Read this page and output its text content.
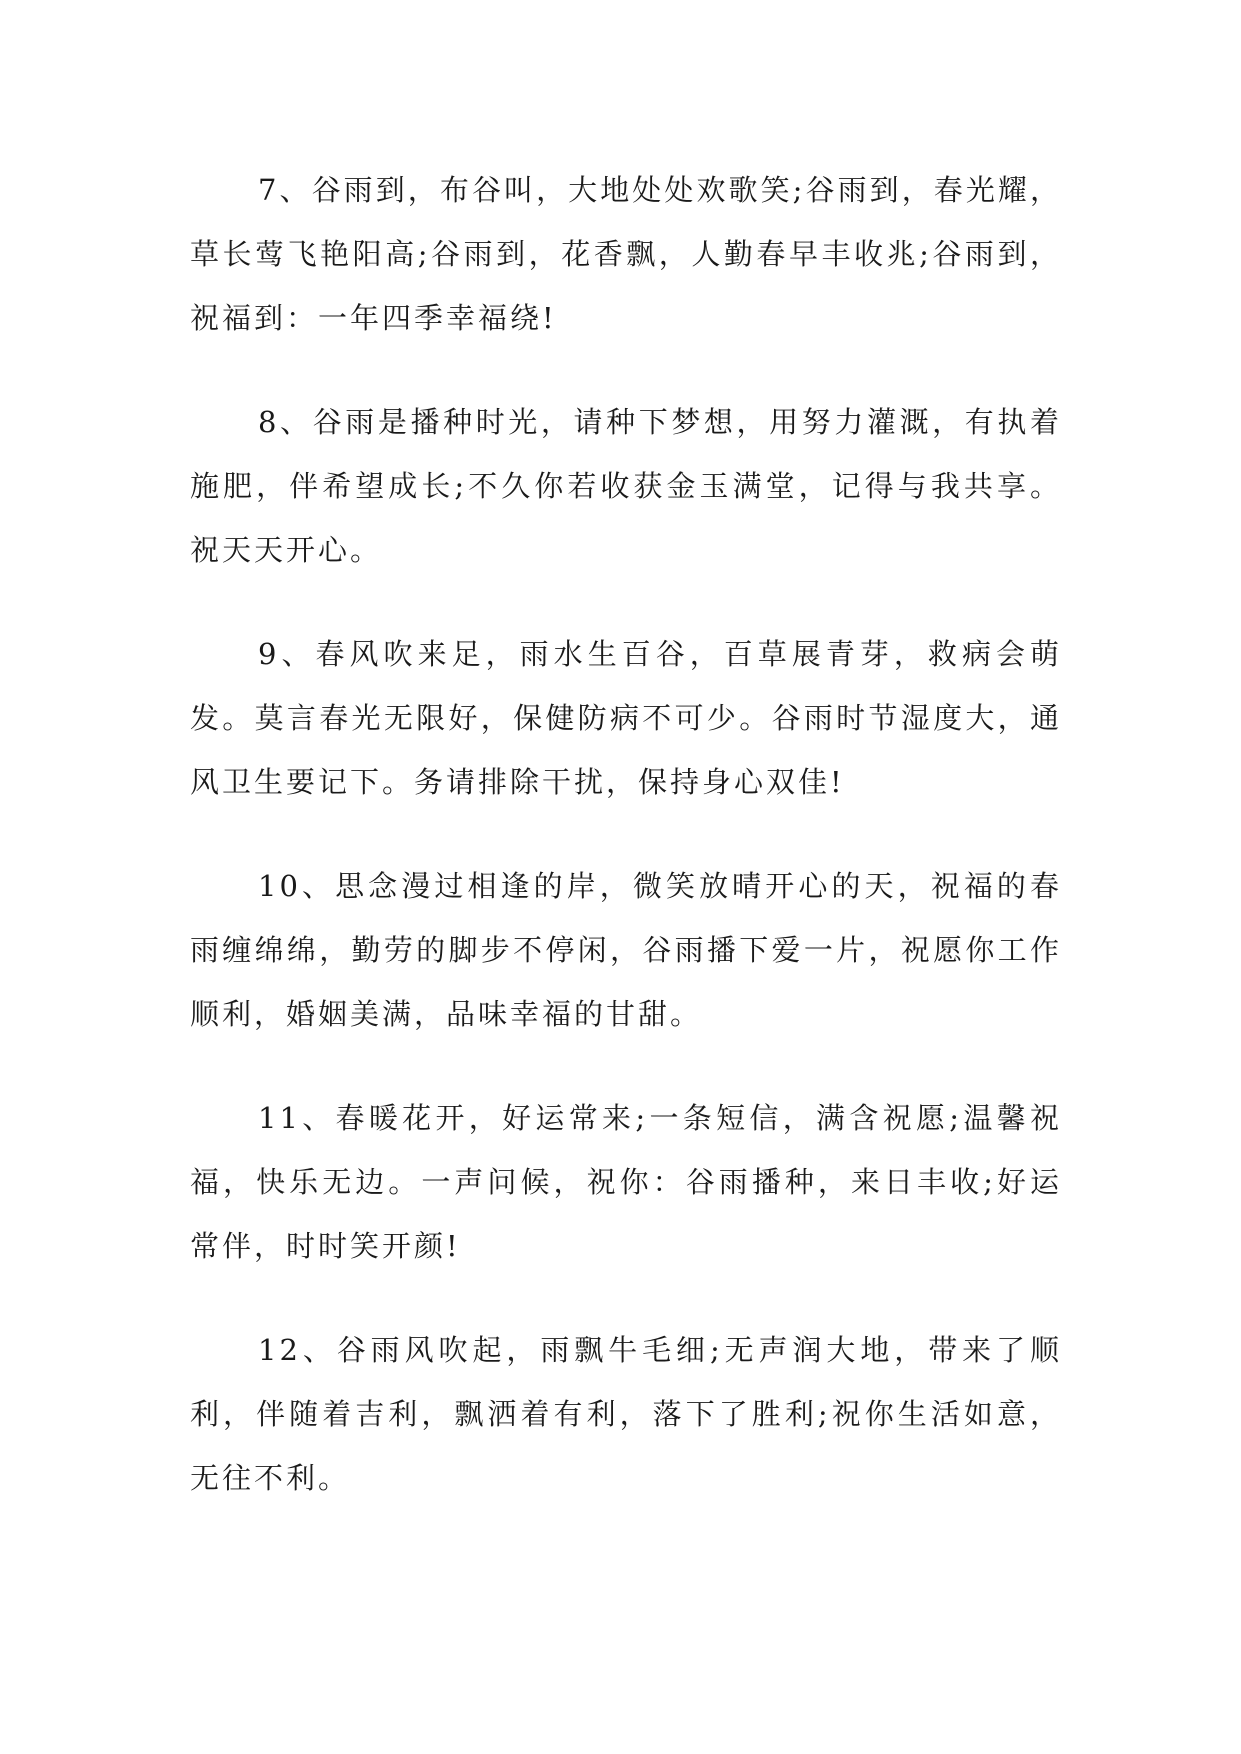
7、谷雨到，布谷叫，大地处处欢歌笑;谷雨到，春光耀，草长莺飞艳阳高;谷雨到，花香飘，人勤春早丰收兆;谷雨到，祝福到：一年四季幸福绕!

8、谷雨是播种时光，请种下梦想，用努力灌溉，有执着施肥，伴希望成长;不久你若收获金玉满堂，记得与我共享。祝天天开心。

9、春风吹来足，雨水生百谷，百草展青芽，救病会萌发。莫言春光无限好，保健防病不可少。谷雨时节湿度大，通风卫生要记下。务请排除干扰，保持身心双佳!

10、思念漫过相逢的岸，微笑放晴开心的天，祝福的春雨缠绵绵，勤劳的脚步不停闲，谷雨播下爱一片，祝愿你工作顺利，婚姻美满，品味幸福的甘甜。

11、春暖花开，好运常来;一条短信，满含祝愿;温馨祝福，快乐无边。一声问候，祝你：谷雨播种，来日丰收;好运常伴，时时笑开颜!

12、谷雨风吹起，雨飘牛毛细;无声润大地，带来了顺利，伴随着吉利，飘洒着有利，落下了胜利;祝你生活如意，无往不利。
